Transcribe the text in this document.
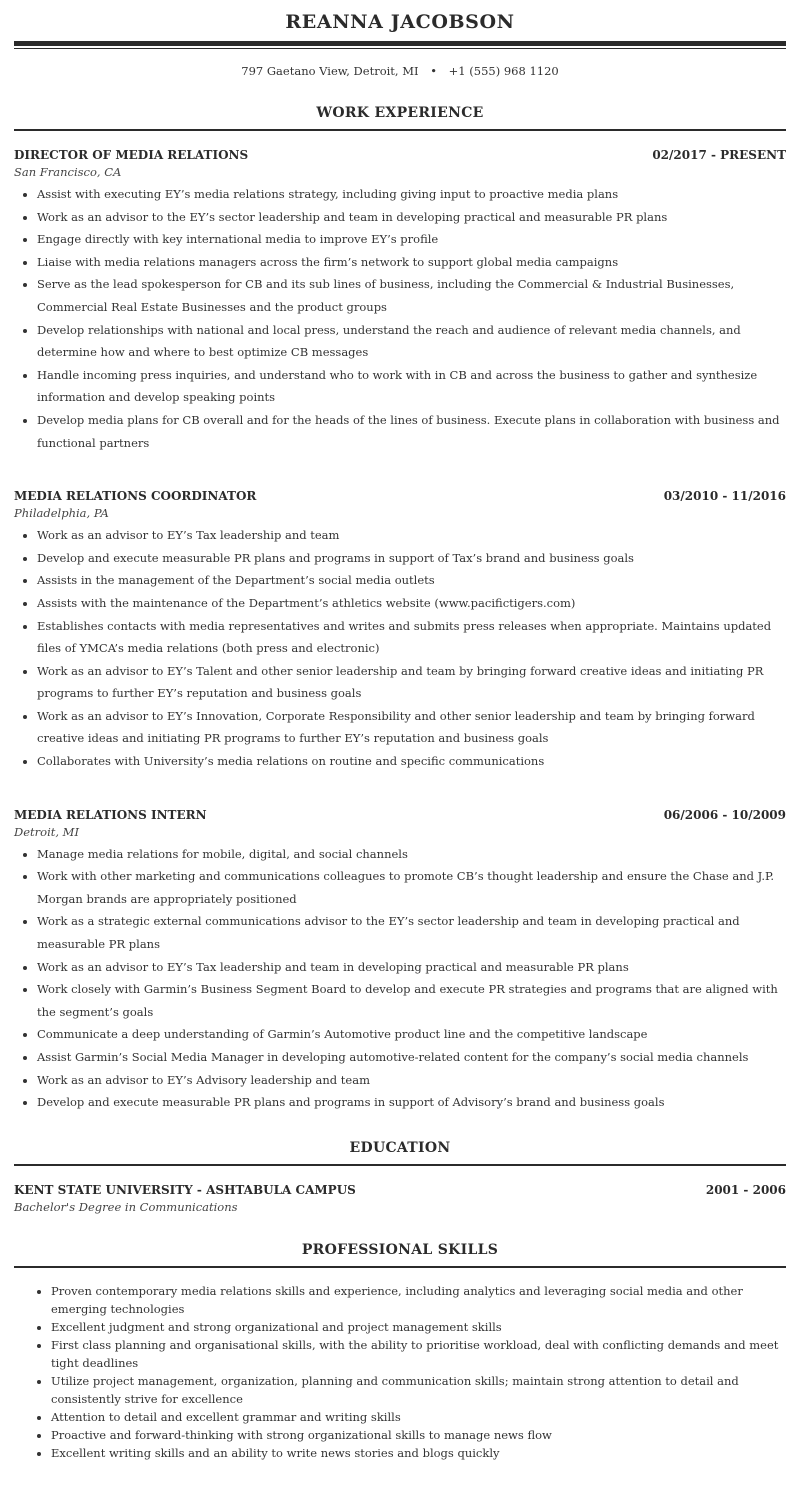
REANNA JACOBSON
797 Gaetano View, Detroit, MI • +1 (555) 968 1120
WORK EXPERIENCE
DIRECTOR OF MEDIA RELATIONS	02/2017 - PRESENT
San Francisco, CA
• Assist with executing EY’s media relations strategy, including giving input to proactive media plans
• Work as an advisor to the EY’s sector leadership and team in developing practical and measurable PR plans
• Engage directly with key international media to improve EY’s profile
• Liaise with media relations managers across the firm’s network to support global media campaigns
• Serve as the lead spokesperson for CB and its sub lines of business, including the Commercial & Industrial Businesses, Commercial Real Estate Businesses and the product groups
• Develop relationships with national and local press, understand the reach and audience of relevant media channels, and determine how and where to best optimize CB messages
• Handle incoming press inquiries, and understand who to work with in CB and across the business to gather and synthesize information and develop speaking points
• Develop media plans for CB overall and for the heads of the lines of business. Execute plans in collaboration with business and functional partners
MEDIA RELATIONS COORDINATOR	03/2010 - 11/2016
Philadelphia, PA
• Work as an advisor to EY’s Tax leadership and team
• Develop and execute measurable PR plans and programs in support of Tax’s brand and business goals
• Assists in the management of the Department’s social media outlets
• Assists with the maintenance of the Department’s athletics website (www.pacifictigers.com)
• Establishes contacts with media representatives and writes and submits press releases when appropriate. Maintains updated files of YMCA’s media relations (both press and electronic)
• Work as an advisor to EY’s Talent and other senior leadership and team by bringing forward creative ideas and initiating PR programs to further EY’s reputation and business goals
• Work as an advisor to EY’s Innovation, Corporate Responsibility and other senior leadership and team by bringing forward creative ideas and initiating PR programs to further EY’s reputation and business goals
• Collaborates with University’s media relations on routine and specific communications
MEDIA RELATIONS INTERN	06/2006 - 10/2009
Detroit, MI
• Manage media relations for mobile, digital, and social channels
• Work with other marketing and communications colleagues to promote CB’s thought leadership and ensure the Chase and J.P. Morgan brands are appropriately positioned
• Work as a strategic external communications advisor to the EY’s sector leadership and team in developing practical and measurable PR plans
• Work as an advisor to EY’s Tax leadership and team in developing practical and measurable PR plans
• Work closely with Garmin’s Business Segment Board to develop and execute PR strategies and programs that are aligned with the segment’s goals
• Communicate a deep understanding of Garmin’s Automotive product line and the competitive landscape
• Assist Garmin’s Social Media Manager in developing automotive-related content for the company’s social media channels
• Work as an advisor to EY’s Advisory leadership and team
• Develop and execute measurable PR plans and programs in support of Advisory’s brand and business goals
EDUCATION
KENT STATE UNIVERSITY - ASHTABULA CAMPUS	2001 - 2006
Bachelor's Degree in Communications
PROFESSIONAL SKILLS
• Proven contemporary media relations skills and experience, including analytics and leveraging social media and other emerging technologies
• Excellent judgment and strong organizational and project management skills
• First class planning and organisational skills, with the ability to prioritise workload, deal with conflicting demands and meet tight deadlines
• Utilize project management, organization, planning and communication skills; maintain strong attention to detail and consistently strive for excellence
• Attention to detail and excellent grammar and writing skills
• Proactive and forward-thinking with strong organizational skills to manage news flow
• Excellent writing skills and an ability to write news stories and blogs quickly
